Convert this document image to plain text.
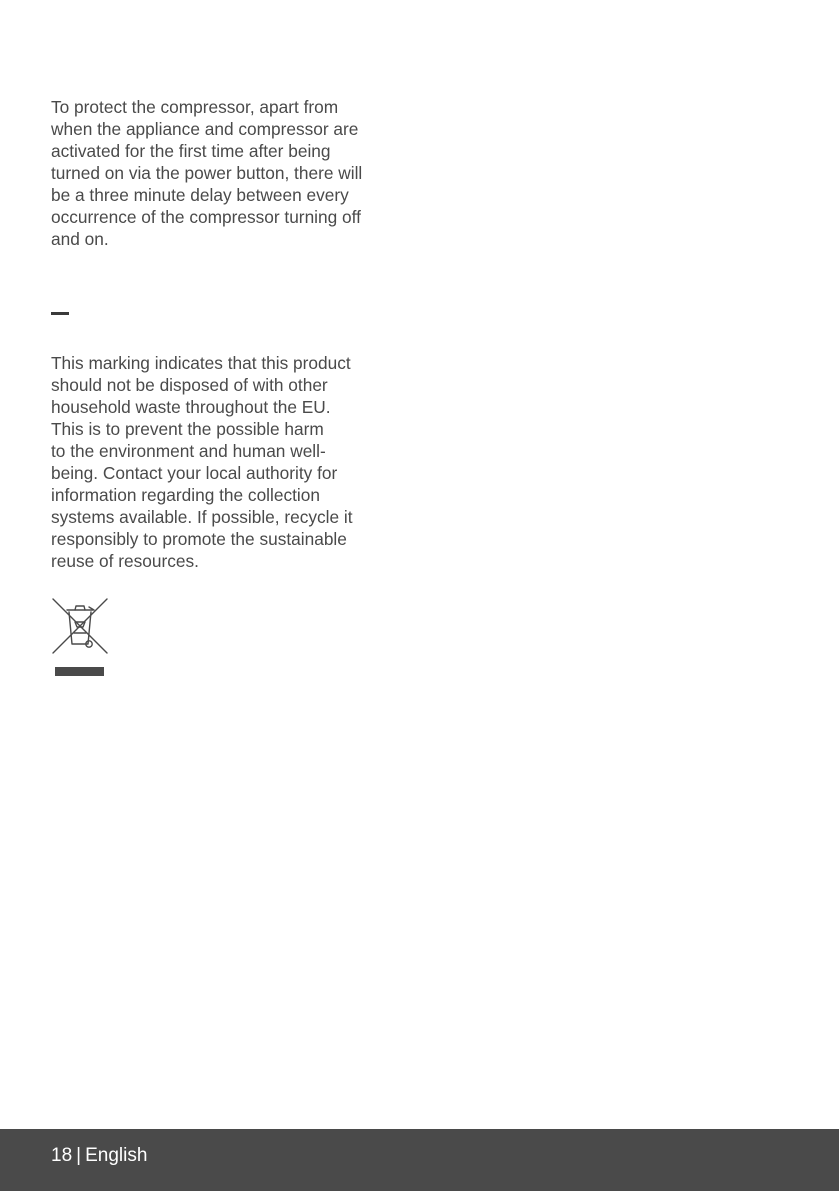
To protect the compressor, apart from
when the appliance and compressor are
activated for the first time after being
turned on via the power button, there will
be a three minute delay between every
occurrence of the compressor turning off
and on.

This marking indicates that this product
should not be disposed of with other
household waste throughout the EU.
This is to prevent the possible harm
to the environment and human well-
being. Contact your local authority for
information regarding the collection
systems available. If possible, recycle it
responsibly to promote the sustainable
reuse of resources.

18 | English
